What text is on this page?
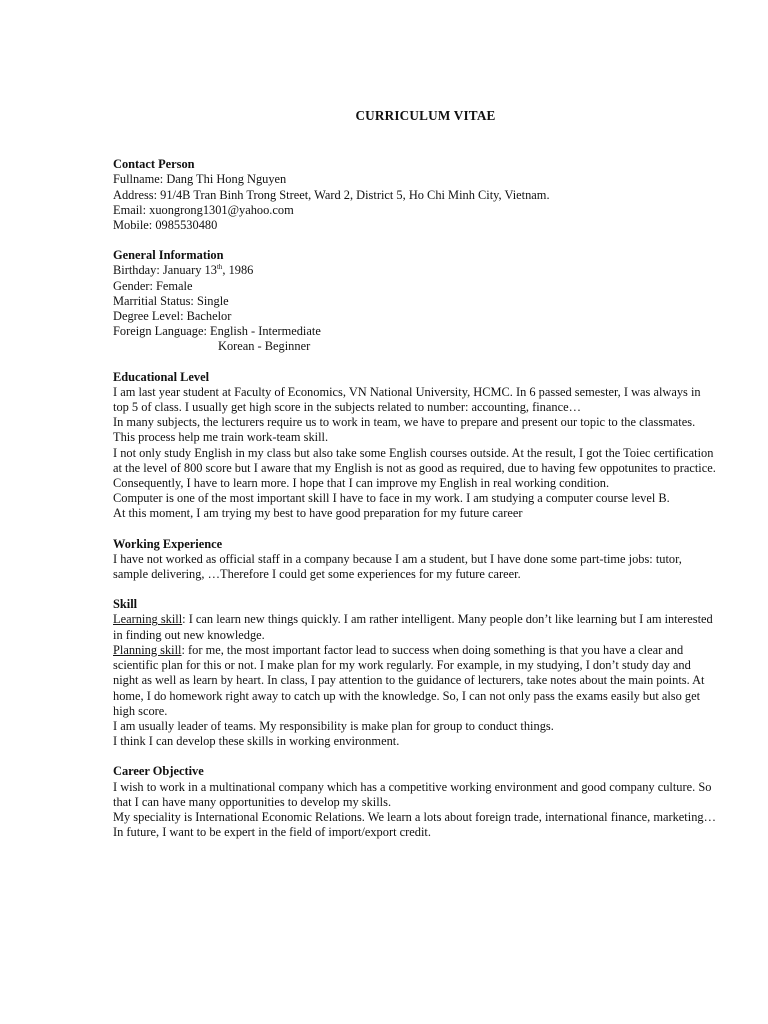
CURRICULUM VITAE
Contact Person

Fullname: Dang Thi Hong Nguyen

Address: 91/4B Tran Binh Trong Street, Ward 2, District 5, Ho Chi Minh City, Vietnam.

Email: xuongrong1301@yahoo.com

Mobile: 0985530480

General Information

Birthday: January 13th, 1986

Gender: Female

Marritial Status: Single

Degree Level: Bachelor

Foreign Language: English - Intermediate

Korean - Beginner

Educational Level

I am last year student at Faculty of Economics, VN National University, HCMC. In 6 passed semester, I was always in top 5 of class. I usually get high score in the subjects related to number: accounting, finance…

In many subjects, the lecturers require us to work in team, we have to prepare and present our topic to the classmates. This process help me train work-team skill.

I not only study English in my class but also take some English courses outside. At the result, I got the Toiec certification at the level of 800 score but I aware that my English is not as good as required, due to having few oppotunites to practice. Consequently, I have to learn more. I hope that I can improve my English in real working condition.

Computer is one of the most important skill I have to face in my work. I am studying a computer course level B.

At this moment, I am trying my best to have good preparation for my future career

Working Experience

I have not worked as official staff in a company because I am a student, but I have done some part-time jobs: tutor, sample delivering, …Therefore I could get some experiences for my future career.

Skill

Learning skill: I can learn new things quickly. I am rather intelligent. Many people don’t like learning but I am interested in finding out new knowledge.

Planning skill: for me, the most important factor lead to success when doing something is that you have a clear and scientific plan for this or not. I make plan for my work regularly. For example, in my studying, I don’t study day and night as well as learn by heart. In class, I pay attention to the guidance of lecturers, take notes about the main points. At home, I do homework right away to catch up with the knowledge. So, I can not only pass the exams easily but also get high score.

I am usually leader of teams. My responsibility is make plan for group to conduct things.

I think I can develop these skills in working environment.

Career Objective

I wish to work in a multinational company which has a competitive working environment and good company culture. So that I can have many opportunities to develop my skills.

My speciality is International Economic Relations. We learn a lots about foreign trade, international finance, marketing…In future, I want to be expert in the field of import/export credit.
